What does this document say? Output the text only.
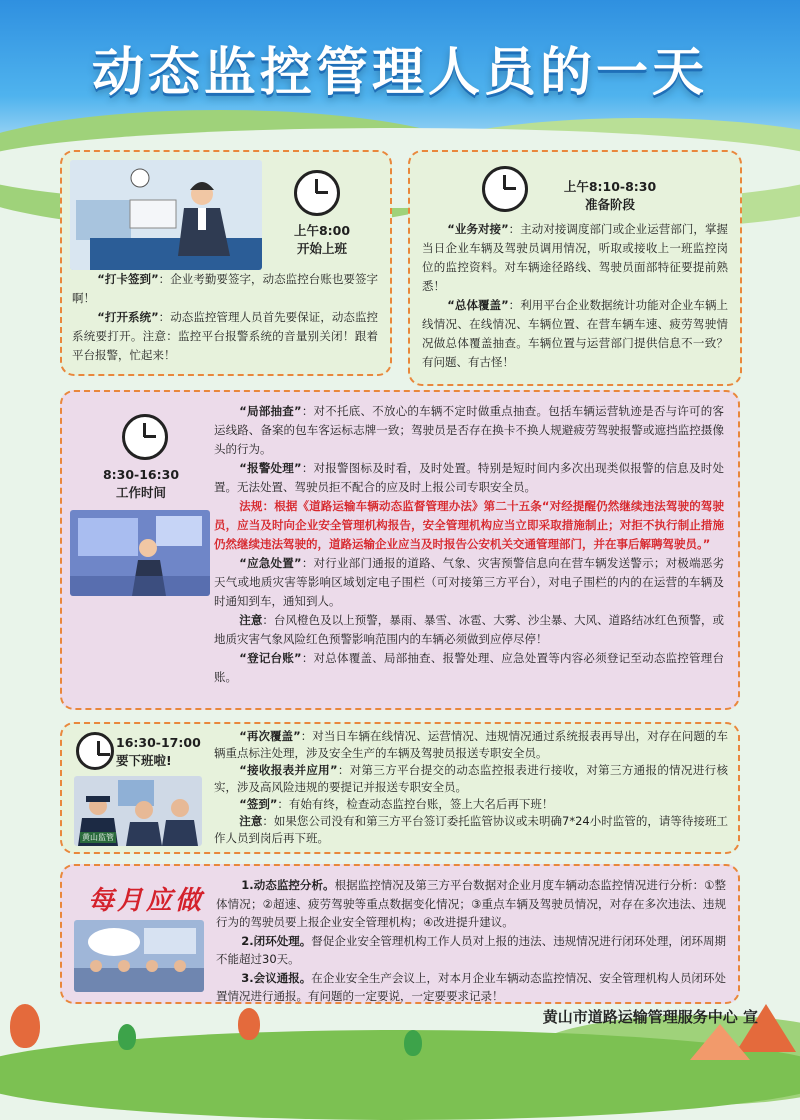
动态监控管理人员的一天
上午8:00
开始上班

“打卡签到”：企业考勤要签字，动态监控台账也要签字啊！

“打开系统”：动态监控管理人员首先要保证，动态监控系统要打开。注意：监控平台报警系统的音量别关闭！跟着平台报警，忙起来！

上午8:10-8:30
准备阶段

“业务对接”：主动对接调度部门或企业运营部门，掌握当日企业车辆及驾驶员调用情况，听取或接收上一班监控岗位的监控资料。对车辆途径路线、驾驶员面部特征要提前熟悉！

“总体覆盖”：利用平台企业数据统计功能对企业车辆上线情况、在线情况、车辆位置、在营车辆车速、疲劳驾驶情况做总体覆盖抽查。车辆位置与运营部门提供信息不一致？有问题、有古怪！

8:30-16:30
工作时间

“局部抽查”：对不托底、不放心的车辆不定时做重点抽查。包括车辆运营轨迹是否与许可的客运线路、备案的包车客运标志牌一致；驾驶员是否存在换卡不换人规避疲劳驾驶报警或遮挡监控摄像头的行为。

“报警处理”：对报警图标及时看，及时处置。特别是短时间内多次出现类似报警的信息及时处置。无法处置、驾驶员拒不配合的应及时上报公司专职安全员。

法规：根据《道路运输车辆动态监督管理办法》第二十五条“对经提醒仍然继续违法驾驶的驾驶员，应当及时向企业安全管理机构报告，安全管理机构应当立即采取措施制止；对拒不执行制止措施仍然继续违法驾驶的，道路运输企业应当及时报告公安机关交通管理部门，并在事后解聘驾驶员。”

“应急处置”：对行业部门通报的道路、气象、灾害预警信息向在营车辆发送警示；对极端恶劣天气或地质灾害等影响区域划定电子围栏（可对接第三方平台），对电子围栏的内的在运营的车辆及时通知到车，通知到人。

注意：台风橙色及以上预警，暴雨、暴雪、冰雹、大雾、沙尘暴、大风、道路结冰红色预警，或地质灾害气象风险红色预警影响范围内的车辆必须做到应停尽停！

“登记台账”：对总体覆盖、局部抽查、报警处理、应急处置等内容必须登记至动态监控管理台账。

16:30-17:00
要下班啦!
黄山监管

“再次覆盖”：对当日车辆在线情况、运营情况、违规情况通过系统报表再导出，对存在问题的车辆重点标注处理，涉及安全生产的车辆及驾驶员报送专职安全员。

“接收报表并应用”：对第三方平台提交的动态监控报表进行接收，对第三方通报的情况进行核实，涉及高风险违规的要提记并报送专职安全员。

“签到”：有始有终，检查动态监控台账，签上大名后再下班！

注意：如果您公司没有和第三方平台签订委托监管协议或未明确7*24小时监管的，请等待接班工作人员到岗后再下班。

每月应做

1.动态监控分析。根据监控情况及第三方平台数据对企业月度车辆动态监控情况进行分析：①整体情况；②超速、疲劳驾驶等重点数据变化情况；③重点车辆及驾驶员情况，对存在多次违法、违规行为的驾驶员要上报企业安全管理机构；④改进提升建议。

2.闭环处理。督促企业安全管理机构工作人员对上报的违法、违规情况进行闭环处理，闭环周期不能超过30天。

3.会议通报。在企业安全生产会议上，对本月企业车辆动态监控情况、安全管理机构人员闭环处置情况进行通报。有问题的一定要说，一定要要求记录！

黄山市道路运输管理服务中心 宣
